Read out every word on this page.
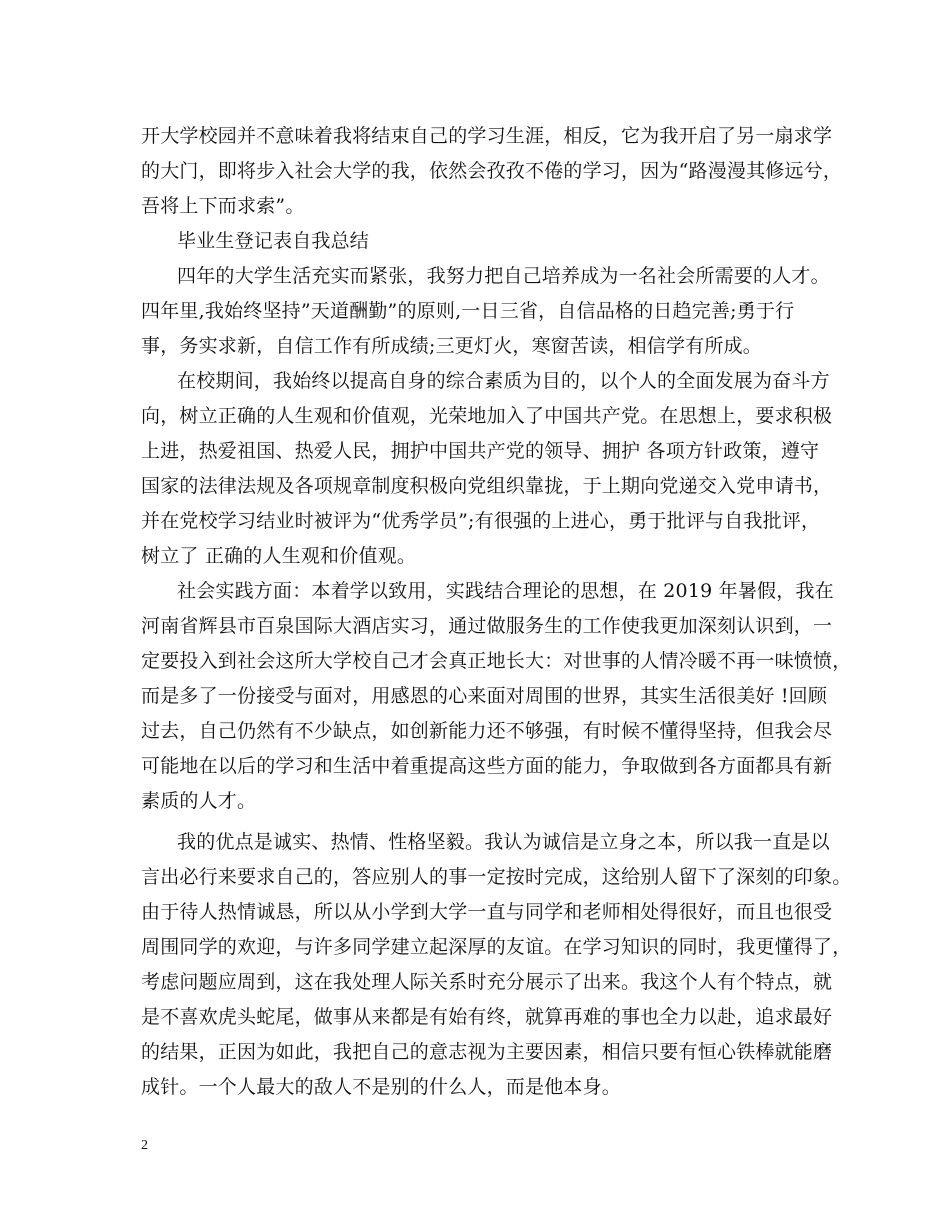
开大学校园并不意味着我将结束自己的学习生涯，相反，它为我开启了另一扇求学
的大门，即将步入社会大学的我，依然会孜孜不倦的学习，因为“路漫漫其修远兮，
吾将上下而求索”。
毕业生登记表自我总结
四年的大学生活充实而紧张，我努力把自己培养成为一名社会所需要的人才。
四年里,我始终坚持”天道酬勤”的原则,一日三省，自信品格的日趋完善;勇于行
事，务实求新，自信工作有所成绩;三更灯火，寒窗苦读，相信学有所成。
在校期间，我始终以提高自身的综合素质为目的，以个人的全面发展为奋斗方
向，树立正确的人生观和价值观，光荣地加入了中国共产党。在思想上，要求积极
上进，热爱祖国、热爱人民，拥护中国共产党的领导、拥护 各项方针政策，遵守
国家的法律法规及各项规章制度积极向党组织靠拢，于上期向党递交入党申请书，
并在党校学习结业时被评为“优秀学员”;有很强的上进心，勇于批评与自我批评，
树立了 正确的人生观和价值观。
社会实践方面：本着学以致用，实践结合理论的思想，在 2019 年暑假，我在
河南省辉县市百泉国际大酒店实习，通过做服务生的工作使我更加深刻认识到，一
定要投入到社会这所大学校自己才会真正地长大：对世事的人情冷暖不再一味愤愤，
而是多了一份接受与面对，用感恩的心来面对周围的世界，其实生活很美好 !回顾
过去，自己仍然有不少缺点，如创新能力还不够强，有时候不懂得坚持，但我会尽
可能地在以后的学习和生活中着重提高这些方面的能力，争取做到各方面都具有新
素质的人才。
我的优点是诚实、热情、性格坚毅。我认为诚信是立身之本，所以我一直是以
言出必行来要求自己的，答应别人的事一定按时完成，这给别人留下了深刻的印象。
由于待人热情诚恳，所以从小学到大学一直与同学和老师相处得很好，而且也很受
周围同学的欢迎，与许多同学建立起深厚的友谊。在学习知识的同时，我更懂得了，
考虑问题应周到，这在我处理人际关系时充分展示了出来。我这个人有个特点，就
是不喜欢虎头蛇尾，做事从来都是有始有终，就算再难的事也全力以赴，追求最好
的结果，正因为如此，我把自己的意志视为主要因素，相信只要有恒心铁棒就能磨
成针。一个人最大的敌人不是别的什么人，而是他本身。
2
